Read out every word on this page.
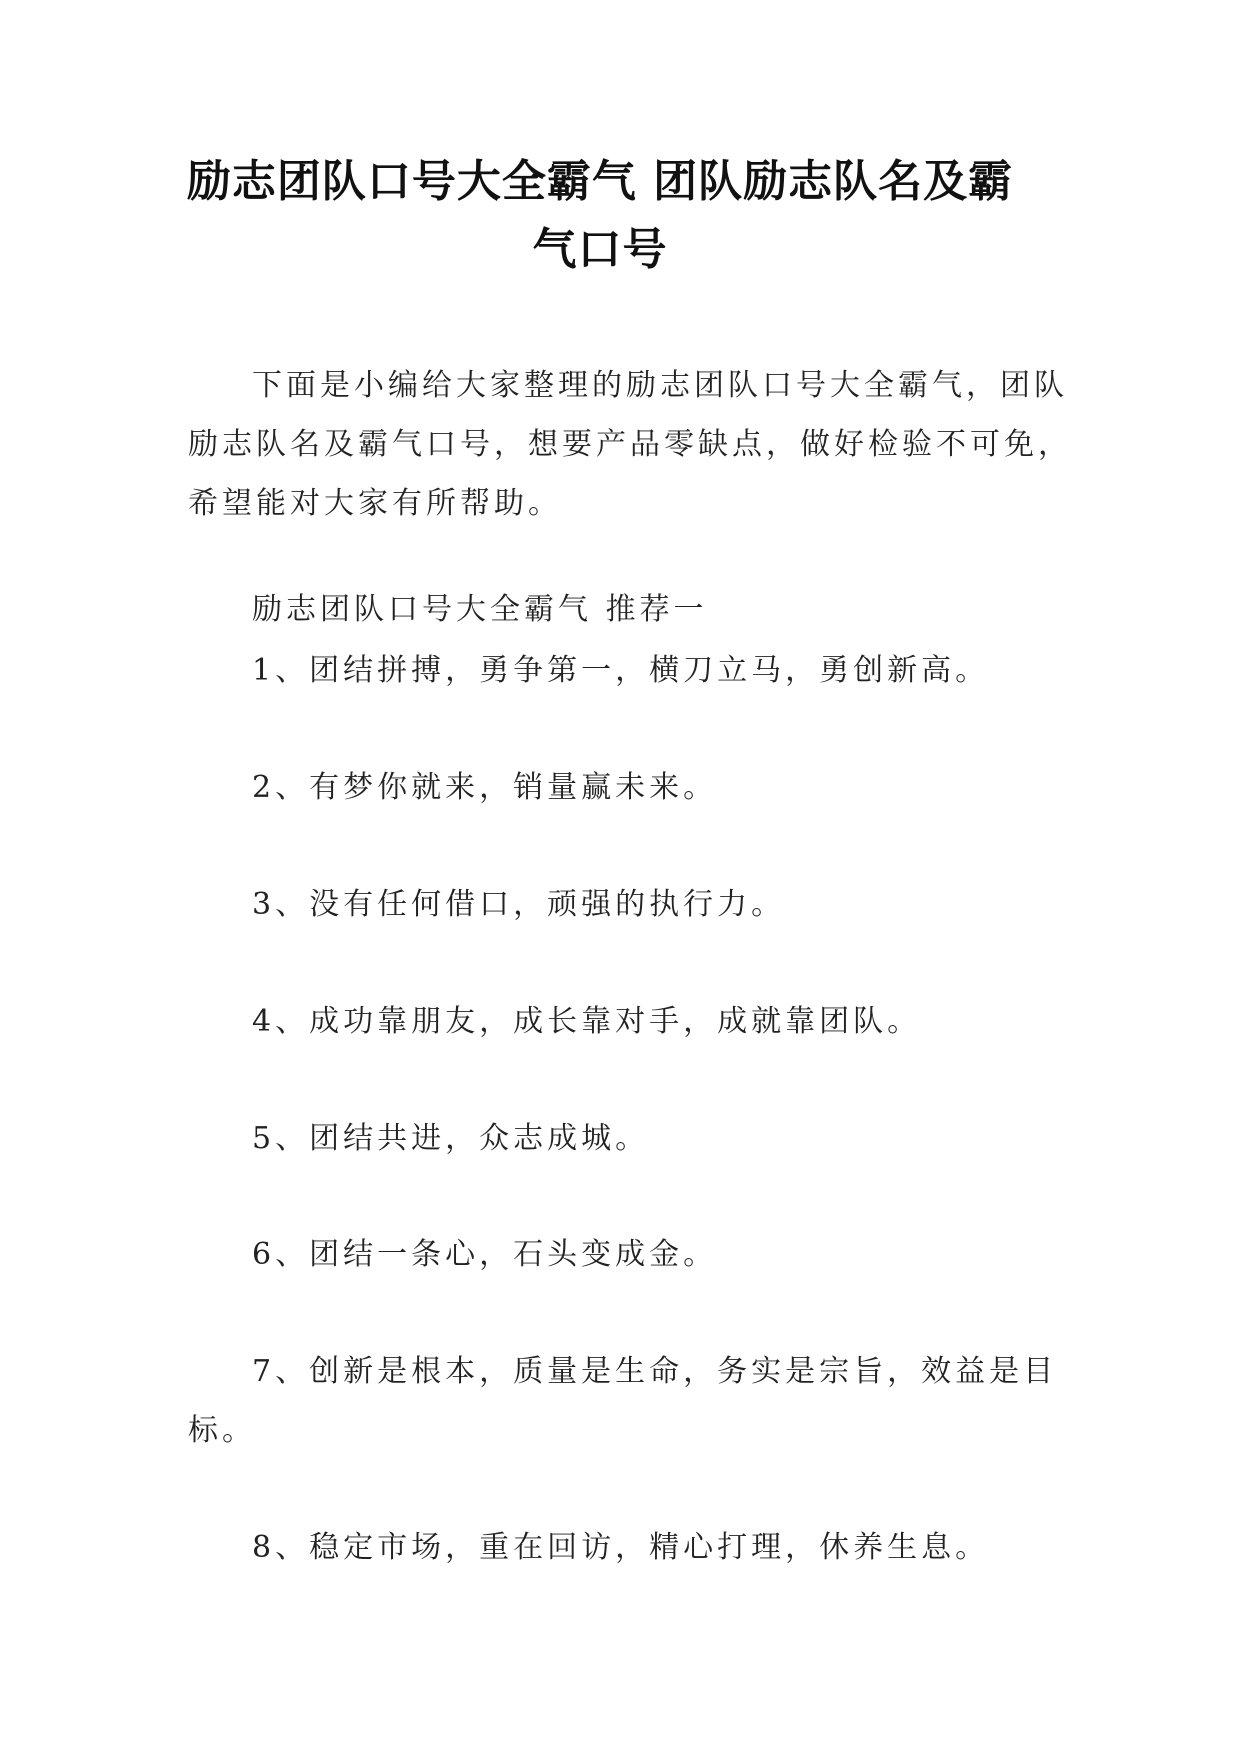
励志团队口号大全霸气 团队励志队名及霸
气口号
下面是小编给大家整理的励志团队口号大全霸气，团队
励志队名及霸气口号，想要产品零缺点，做好检验不可免，
希望能对大家有所帮助。
励志团队口号大全霸气 推荐一
1、团结拼搏，勇争第一，横刀立马，勇创新高。
2、有梦你就来，销量赢未来。
3、没有任何借口，顽强的执行力。
4、成功靠朋友，成长靠对手，成就靠团队。
5、团结共进，众志成城。
6、团结一条心，石头变成金。
7、创新是根本，质量是生命，务实是宗旨，效益是目
标。
8、稳定市场，重在回访，精心打理，休养生息。
